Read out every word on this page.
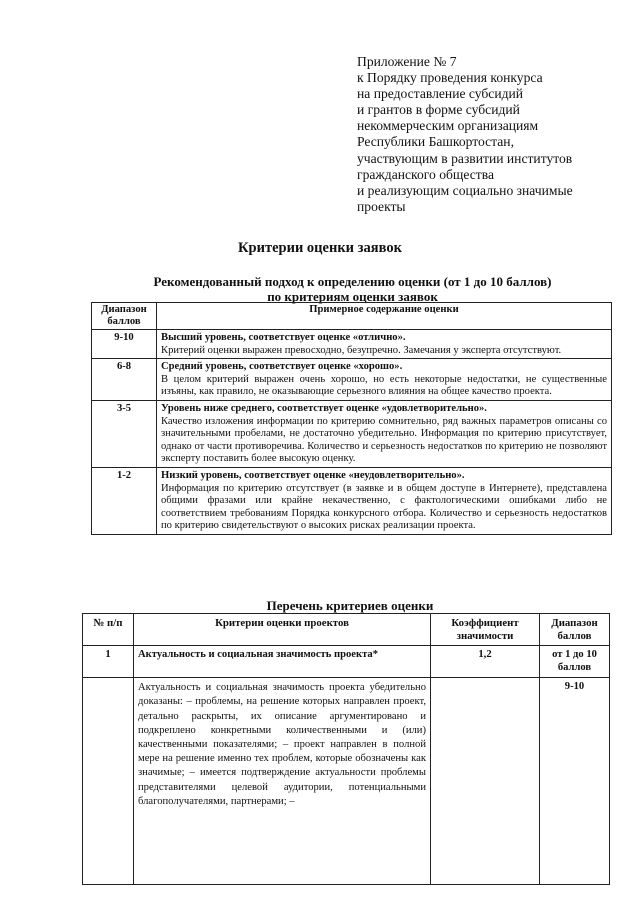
Приложение № 7
к Порядку проведения конкурса
на предоставление субсидий
и грантов в форме субсидий
некоммерческим организациям
Республики Башкортостан,
участвующим в развитии институтов
гражданского общества
и реализующим социально значимые
проекты
Критерии оценки заявок
Рекомендованный подход к определению оценки (от 1 до 10 баллов)
по критериям оценки заявок
Диапазон баллов	Примерное содержание оценки
9-10	Высший уровень, соответствует оценке «отлично».
Критерий оценки выражен превосходно, безупречно. Замечания у эксперта отсутствуют.

6-8	Средний уровень, соответствует оценке «хорошо».
В целом критерий выражен очень хорошо, но есть некоторые недостатки, не существенные изъяны, как правило, не оказывающие серьезного влияния на общее качество проекта.

3-5	Уровень ниже среднего, соответствует оценке «удовлетворительно».
Качество изложения информации по критерию сомнительно, ряд важных параметров описаны со значительными пробелами, не достаточно убедительно. Информация по критерию присутствует, однако от части противоречива. Количество и серьезность недостатков по критерию не позволяют эксперту поставить более высокую оценку.

1-2	Низкий уровень, соответствует оценке «неудовлетворительно».
Информация по критерию отсутствует (в заявке и в общем доступе в Интернете), представлена общими фразами или крайне некачественно, с фактологическими ошибками либо не соответствием требованиям Порядка конкурсного отбора. Количество и серьезность недостатков по критерию свидетельствуют о высоких рисках реализации проекта.
Перечень критериев оценки
№ п/п	Критерии оценки проектов	Коэффициент значимости	Диапазон баллов
1	Актуальность и социальная значимость проекта*	1,2	от 1 до 10 баллов
	Актуальность и социальная значимость проекта убедительно доказаны: – проблемы, на решение которых направлен проект, детально раскрыты, их описание аргументировано и подкреплено конкретными количественными и (или) качественными показателями; – проект направлен в полной мере на решение именно тех проблем, которые обозначены как значимые; – имеется подтверждение актуальности проблемы представителями целевой аудитории, потенциальными благополучателями, партнерами; –		9-10
